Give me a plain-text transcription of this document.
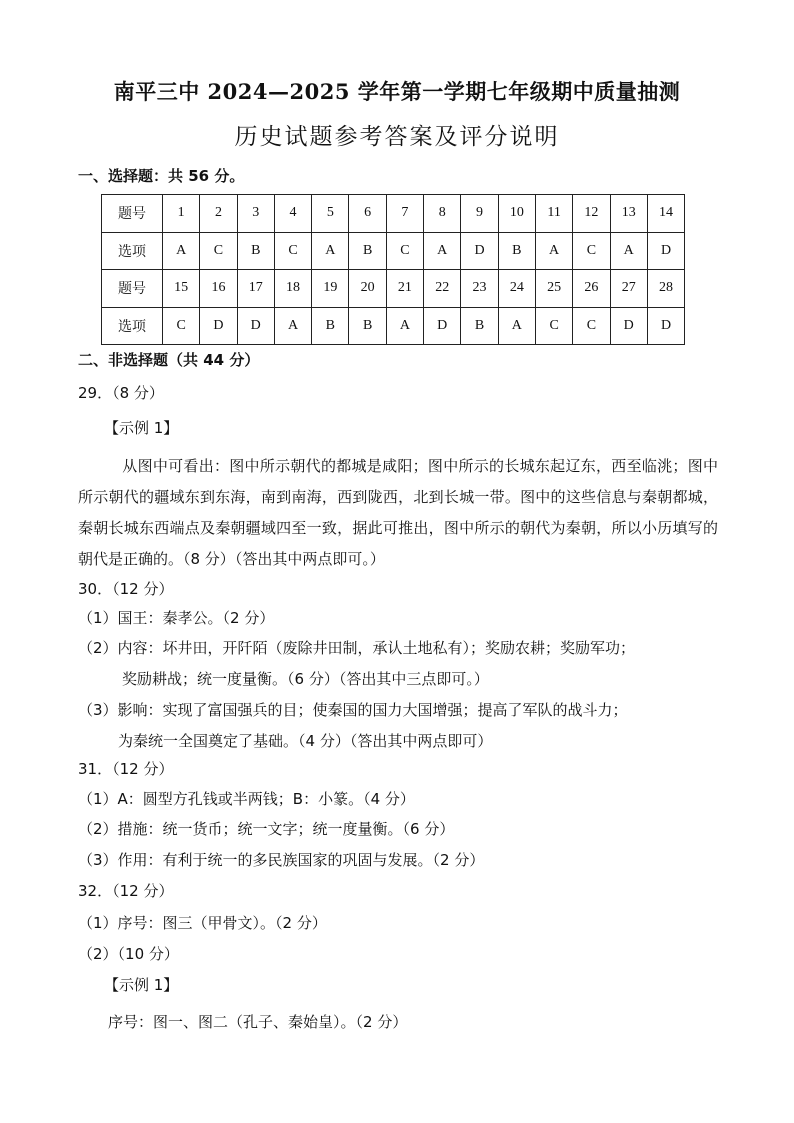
南平三中 2024—2025 学年第一学期七年级期中质量抽测
历史试题参考答案及评分说明
一、选择题：共 56 分。
题号	1	2	3	4	5	6	7	8	9	10	11	12	13	14
选项	A	C	B	C	A	B	C	A	D	B	A	C	A	D
题号	15	16	17	18	19	20	21	22	23	24	25	26	27	28
选项	C	D	D	A	B	B	A	D	B	A	C	C	D	D
二、非选择题（共 44 分）
29．（8 分）
【示例 1】
从图中可看出：图中所示朝代的都城是咸阳；图中所示的长城东起辽东，西至临洮；图中所示朝代的疆域东到东海，南到南海，西到陇西，北到长城一带。图中的这些信息与秦朝都城，秦朝长城东西端点及秦朝疆域四至一致，据此可推出，图中所示的朝代为秦朝，所以小历填写的朝代是正确的。（8 分）（答出其中两点即可。）
30．（12 分）
（1）国王：秦孝公。（2 分）
（2）内容：坏井田，开阡陌（废除井田制，承认土地私有）；奖励农耕；奖励军功；
奖励耕战；统一度量衡。（6 分）（答出其中三点即可。）
（3）影响：实现了富国强兵的目；使秦国的国力大国增强；提高了军队的战斗力；
为秦统一全国奠定了基础。（4 分）（答出其中两点即可）
31．（12 分）
（1）A：圆型方孔钱或半两钱；B：小篆。（4 分）
（2）措施：统一货币；统一文字；统一度量衡。（6 分）
（3）作用：有利于统一的多民族国家的巩固与发展。（2 分）
32．（12 分）
（1）序号：图三（甲骨文）。（2 分）
（2）（10 分）
【示例 1】
序号：图一、图二（孔子、秦始皇）。（2 分）
